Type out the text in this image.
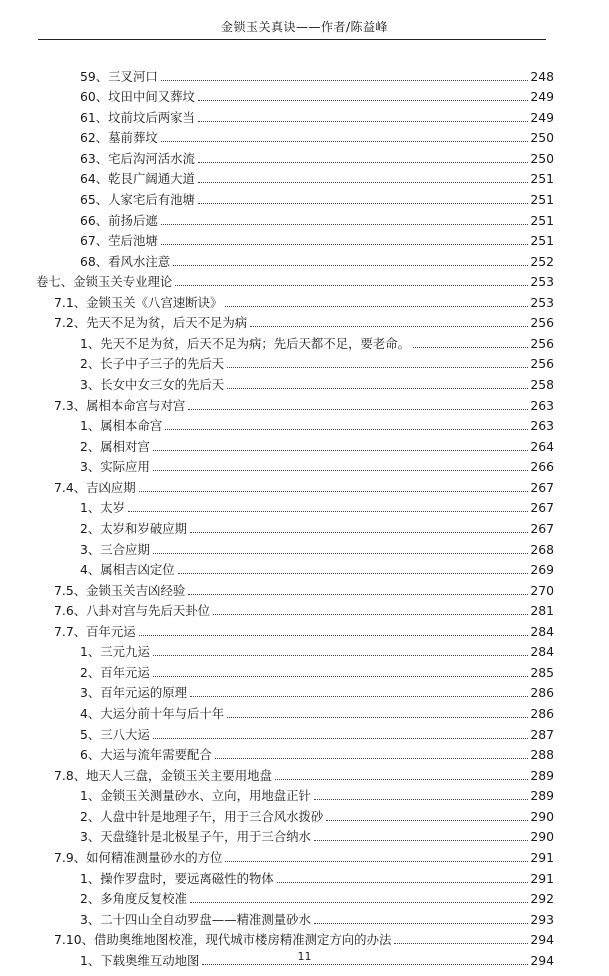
金锁玉关真诀——作者/陈益峰
59、三叉河口	248
60、坟田中间又葬坟	249
61、坟前坟后两家当	249
62、墓前葬坟	250
63、宅后沟河活水流	250
64、乾艮广阔通大道	251
65、人家宅后有池塘	251
66、前扬后遮	251
67、茔后池塘	251
68、看风水注意	252
卷七、金锁玉关专业理论	253
7.1、金锁玉关《八宫速断诀》	253
7.2、先天不足为贫，后天不足为病	256
1、先天不足为贫，后天不足为病；先后天都不足，要老命。	256
2、长子中子三子的先后天	256
3、长女中女三女的先后天	258
7.3、属相本命宫与对宫	263
1、属相本命宫	263
2、属相对宫	264
3、实际应用	266
7.4、吉凶应期	267
1、太岁	267
2、太岁和岁破应期	267
3、三合应期	268
4、属相吉凶定位	269
7.5、金锁玉关吉凶经验	270
7.6、八卦对宫与先后天卦位	281
7.7、百年元运	284
1、三元九运	284
2、百年元运	285
3、百年元运的原理	286
4、大运分前十年与后十年	286
5、三八大运	287
6、大运与流年需要配合	288
7.8、地天人三盘，金锁玉关主要用地盘	289
1、金锁玉关测量砂水、立向，用地盘正针	289
2、人盘中针是地理子午，用于三合风水拨砂	290
3、天盘缝针是北极星子午，用于三合纳水	290
7.9、如何精准测量砂水的方位	291
1、操作罗盘时，要远离磁性的物体	291
2、多角度反复校准	292
3、二十四山全自动罗盘——精准测量砂水	293
7.10、借助奥维地图校准，现代城市楼房精准测定方向的办法	294
1、下载奥维互动地图	294
11
